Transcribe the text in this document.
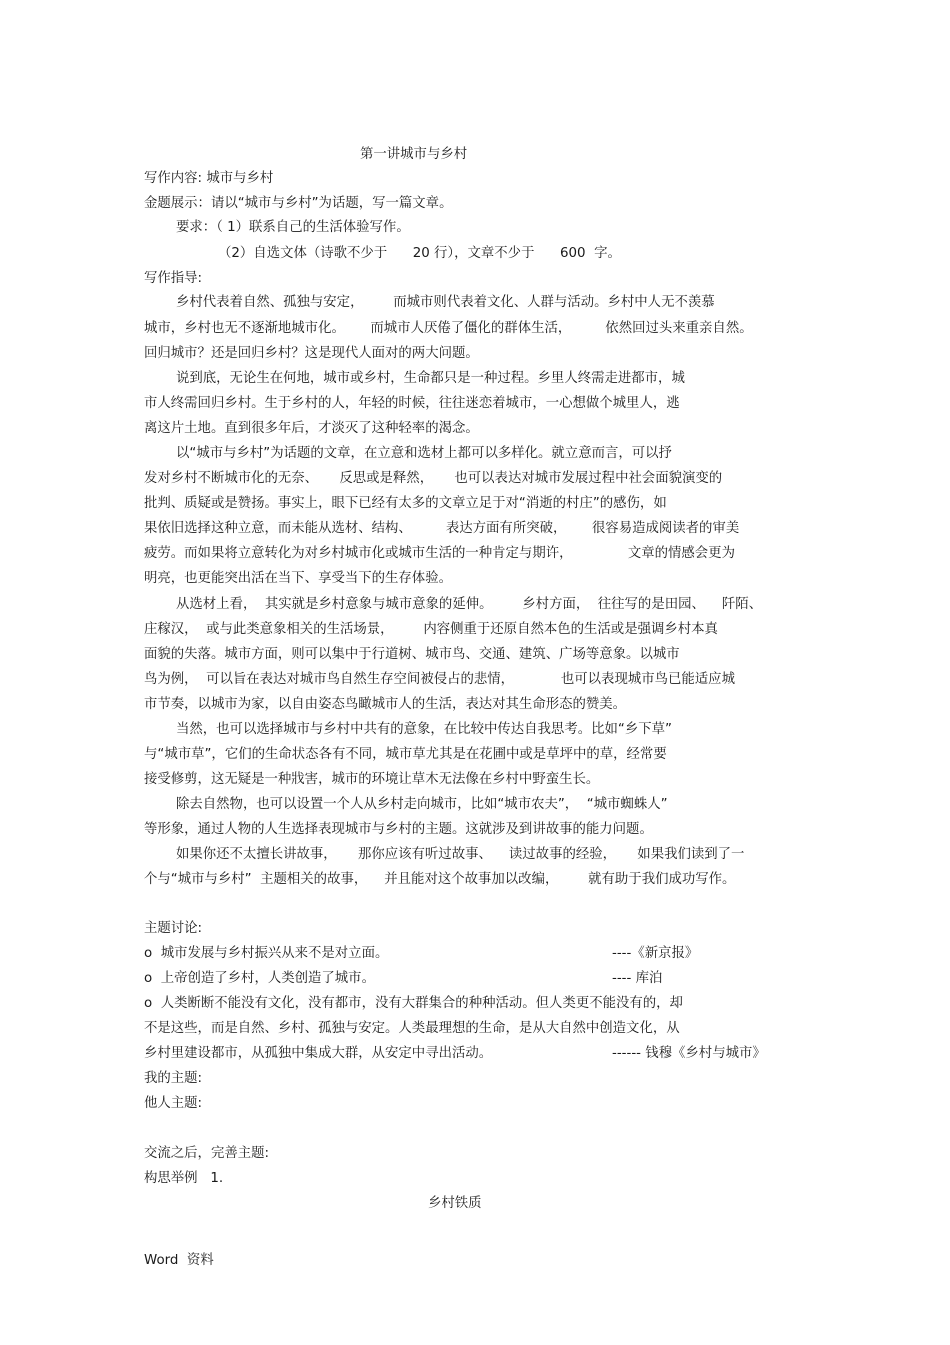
第一讲城市与乡村
写作内容: 城市与乡村
金题展示：请以“城市与乡村”为话题，写一篇文章。
要求：（ 1）联系自己的生活体验写作。
（2）自选文体（诗歌不少于      20 行），文章不少于      600  字。
写作指导:
乡村代表着自然、孤独与安定，       而城市则代表着文化、人群与活动。乡村中人无不羡慕
城市，乡村也无不逐渐地城市化。      而城市人厌倦了僵化的群体生活，        依然回过头来重亲自然。
回归城市？还是回归乡村？这是现代人面对的两大问题。
说到底，无论生在何地，城市或乡村，生命都只是一种过程。乡里人终需走进都市，城
市人终需回归乡村。生于乡村的人，年轻的时候，往往迷恋着城市，一心想做个城里人，逃
离这片土地。直到很多年后，才淡灭了这种轻率的渴念。
以“城市与乡村”为话题的文章，在立意和选材上都可以多样化。就立意而言，可以抒
发对乡村不断城市化的无奈、     反思或是释然，     也可以表达对城市发展过程中社会面貌演变的
批判、质疑或是赞扬。事实上，眼下已经有太多的文章立足于对“消逝的村庄”的感伤，如
果依旧选择这种立意，而未能从选材、结构、        表达方面有所突破，      很容易造成阅读者的审美
疲劳。而如果将立意转化为对乡村城市化或城市生活的一种肯定与期许，             文章的情感会更为
明亮，也更能突出活在当下、享受当下的生存体验。
从选材上看，  其实就是乡村意象与城市意象的延伸。       乡村方面，  往往写的是田园、    阡陌、
庄稼汉，  或与此类意象相关的生活场景，       内容侧重于还原自然本色的生活或是强调乡村本真
面貌的失落。城市方面，则可以集中于行道树、城市鸟、交通、建筑、广场等意象。以城市
鸟为例，  可以旨在表达对城市鸟自然生存空间被侵占的悲情，           也可以表现城市鸟已能适应城
市节奏，以城市为家，以自由姿态鸟瞰城市人的生活，表达对其生命形态的赞美。
当然，也可以选择城市与乡村中共有的意象，在比较中传达自我思考。比如“乡下草”
与“城市草”，它们的生命状态各有不同，城市草尤其是在花圃中或是草坪中的草，经常要
接受修剪，这无疑是一种戕害，城市的环境让草木无法像在乡村中野蛮生长。
除去自然物，也可以设置一个人从乡村走向城市，比如“城市农夫”，  “城市蜘蛛人”
等形象，通过人物的人生选择表现城市与乡村的主题。这就涉及到讲故事的能力问题。
如果你还不太擅长讲故事，     那你应该有听过故事、    读过故事的经验，     如果我们读到了一
个与“城市与乡村”  主题相关的故事，    并且能对这个故事加以改编，       就有助于我们成功写作。
主题讨论:
o  城市发展与乡村振兴从来不是对立面。	----《新京报》
o  上帝创造了乡村，人类创造了城市。	---- 库泊
o  人类断断不能没有文化，没有都市，没有大群集合的种种活动。但人类更不能没有的，却
不是这些，而是自然、乡村、孤独与安定。人类最理想的生命，是从大自然中创造文化，从
乡村里建设都市，从孤独中集成大群，从安定中寻出活动。	------ 钱穆《乡村与城市》
我的主题:
他人主题:
交流之后，完善主题:
构思举例   1.
乡村铁质
Word  资料
